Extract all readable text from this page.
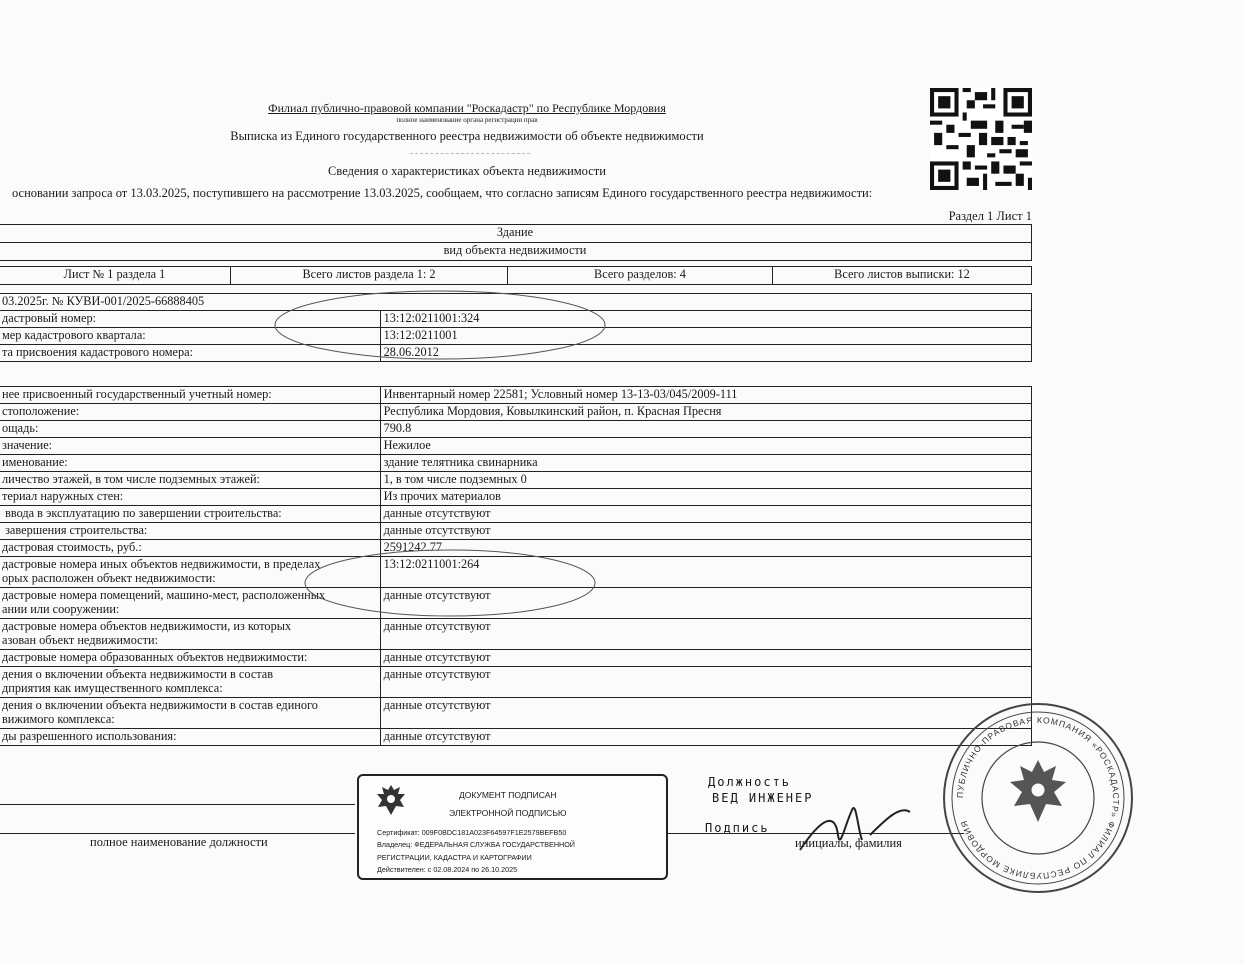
Филиал публично-правовой компании "Роскадастр" по Республике Мордовия
полное наименование органа регистрации прав
Выписка из Единого государственного реестра недвижимости об объекте недвижимости
Сведения о характеристиках объекта недвижимости
основании запроса от 13.03.2025, поступившего на рассмотрение 13.03.2025, сообщаем, что согласно записям Единого государственного реестра недвижимости:
Раздел 1 Лист 1
Здание
вид объекта недвижимости
Лист № 1 раздела 1	Всего листов раздела 1: 2	Всего разделов: 4	Всего листов выписки: 12
03.2025г. № КУВИ-001/2025-66888405	
дастровый номер:	13:12:0211001:324
мер кадастрового квартала:	13:12:0211001
та присвоения кадастрового номера:	28.06.2012
нее присвоенный государственный учетный номер:	Инвентарный номер 22581; Условный номер 13-13-03/045/2009-111
стоположение:	Республика Мордовия, Ковылкинский район, п. Красная Пресня
ощадь:	790.8
значение:	Нежилое
именование:	здание телятника свинарника
личество этажей, в том числе подземных этажей:	1, в том числе подземных 0
териал наружных стен:	Из прочих материалов
ввода в эксплуатацию по завершении строительства:	данные отсутствуют
завершения строительства:	данные отсутствуют
дастровая стоимость, руб.:	2591242.77
дастровые номера иных объектов недвижимости, в пределах
орых расположен объект недвижимости:	13:12:0211001:264
дастровые номера помещений, машино-мест, расположенных
ании или сооружении:	данные отсутствуют
дастровые номера объектов недвижимости, из которых
азован объект недвижимости:	данные отсутствуют
дастровые номера образованных объектов недвижимости:	данные отсутствуют
дения о включении объекта недвижимости в состав
дприятия как имущественного комплекса:	данные отсутствуют
дения о включении объекта недвижимости в состав единого
вижимого комплекса:	данные отсутствуют
ды разрешенного использования:	данные отсутствуют
полное наименование должности	инициалы, фамилия
Должность
ВЕД ИНЖЕНЕР
Подпись
ДОКУМЕНТ ПОДПИСАН
ЭЛЕКТРОННОЙ ПОДПИСЬЮ
Сертификат: 009F0BDC181A023F64597F1E2579BEFB50
Владелец: ФЕДЕРАЛЬНАЯ СЛУЖБА ГОСУДАРСТВЕННОЙ
РЕГИСТРАЦИИ, КАДАСТРА И КАРТОГРАФИИ
Действителен: с 02.08.2024 по 26.10.2025
ПУБЛИЧНО-ПРАВОВАЯ КОМПАНИЯ «РОСКАДАСТР» ФИЛИАЛ ПО РЕСПУБЛИКЕ МОРДОВИЯ
